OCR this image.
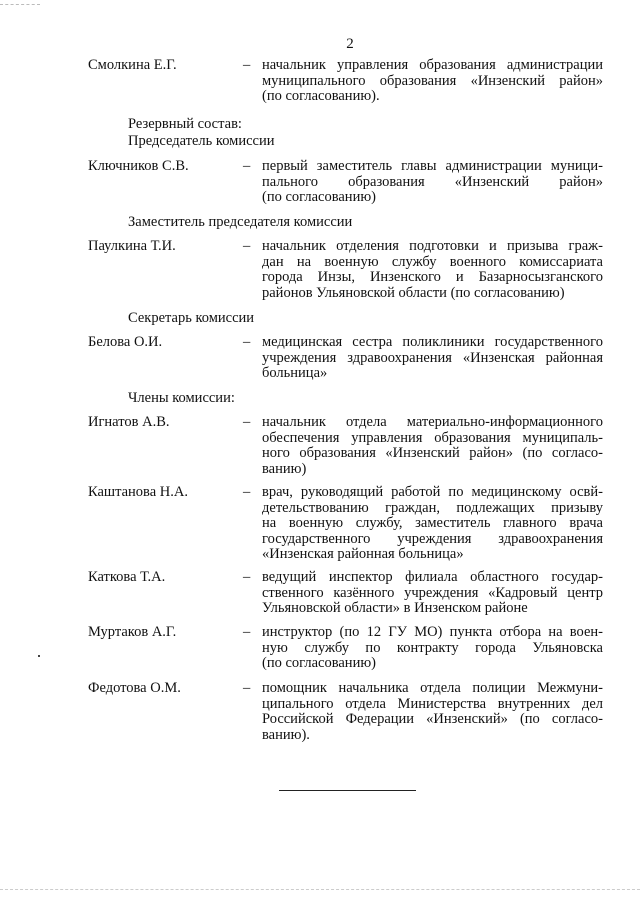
2
Смолкина Е.Г.	– начальник управления образования администрации
муниципального образования «Инзенский район»
(по согласованию).
Резервный состав:
Председатель комиссии
Ключников С.В.	– первый заместитель главы администрации муници-
пального образования «Инзенский район»
(по согласованию)
Заместитель председателя комиссии
Паулкина Т.И.	– начальник отделения подготовки и призыва граж-
дан на военную службу военного комиссариата
города Инзы, Инзенского и Базарносызганского
районов Ульяновской области (по согласованию)
Секретарь комиссии
Белова О.И.	– медицинская сестра поликлиники государственного
учреждения здравоохранения «Инзенская районная
больница»
Члены комиссии:
Игнатов А.В.	– начальник отдела материально-информационного
обеспечения управления образования муниципаль-
ного образования «Инзенский район» (по согласо-
ванию)
Каштанова Н.А.	– врач, руководящий работой по медицинскому освй-
детельствованию граждан, подлежащих призыву
на военную службу, заместитель главного врача
государственного учреждения здравоохранения
«Инзенская районная больница»
Каткова Т.А.	– ведущий инспектор филиала областного государ-
ственного казённого учреждения «Кадровый центр
Ульяновской области» в Инзенском районе
Муртаков А.Г.	– инструктор (по 12 ГУ МО) пункта отбора на воен-
ную службу по контракту города Ульяновска
(по согласованию)
Федотова О.М.	– помощник начальника отдела полиции Межмуни-
ципального отдела Министерства внутренних дел
Российской Федерации «Инзенский» (по согласо-
ванию).
